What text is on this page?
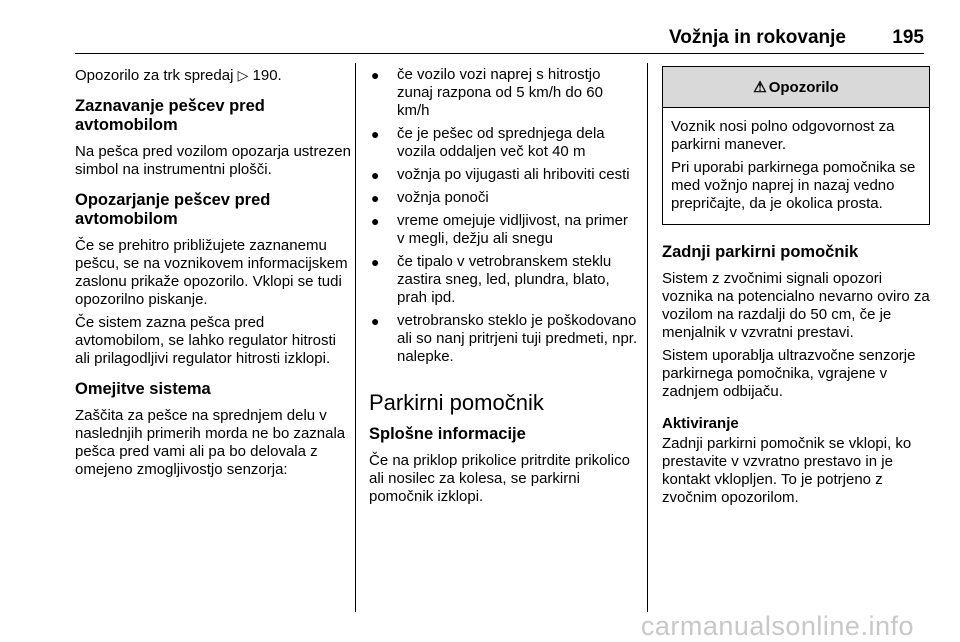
Vožnja in rokovanje 195

Opozorilo za trk spredaj ▷ 190.

Zaznavanje pešcev pred avtomobilom

Na pešca pred vozilom opozarja ustrezen simbol na instrumentni plošči.

Opozarjanje pešcev pred avtomobilom

Če se prehitro približujete zaznanemu pešcu, se na voznikovem informacijskem zaslonu prikaže opozorilo. Vklopi se tudi opozorilno piskanje.

Če sistem zazna pešca pred avtomobilom, se lahko regulator hitrosti ali prilagodljivi regulator hitrosti izklopi.

Omejitve sistema

Zaščita za pešce na sprednjem delu v naslednjih primerih morda ne bo zaznala pešca pred vami ali pa bo delovala z omejeno zmogljivostjo senzorja:

● če vozilo vozi naprej s hitrostjo zunaj razpona od 5 km/h do 60 km/h
● če je pešec od sprednjega dela vozila oddaljen več kot 40 m
● vožnja po vijugasti ali hriboviti cesti
● vožnja ponoči
● vreme omejuje vidljivost, na primer v megli, dežju ali snegu
● če tipalo v vetrobranskem steklu zastira sneg, led, plundra, blato, prah ipd.
● vetrobransko steklo je poškodovano ali so nanj pritrjeni tuji predmeti, npr. nalepke.
Parkirni pomočnik
Splošne informacije

Če na priklop prikolice pritrdite prikolico ali nosilec za kolesa, se parkirni pomočnik izklopi.

⚠ Opozorilo

Voznik nosi polno odgovornost za parkirni manever.

Pri uporabi parkirnega pomočnika se med vožnjo naprej in nazaj vedno prepričajte, da je okolica prosta.

Zadnji parkirni pomočnik

Sistem z zvočnimi signali opozori voznika na potencialno nevarno oviro za vozilom na razdalji do 50 cm, če je menjalnik v vzvratni prestavi.

Sistem uporablja ultrazvočne senzorje parkirnega pomočnika, vgrajene v zadnjem odbijaču.

Aktiviranje

Zadnji parkirni pomočnik se vklopi, ko prestavite v vzvratno prestavo in je kontakt vklopljen. To je potrjeno z zvočnim opozorilom.

carmanualsonline.info
